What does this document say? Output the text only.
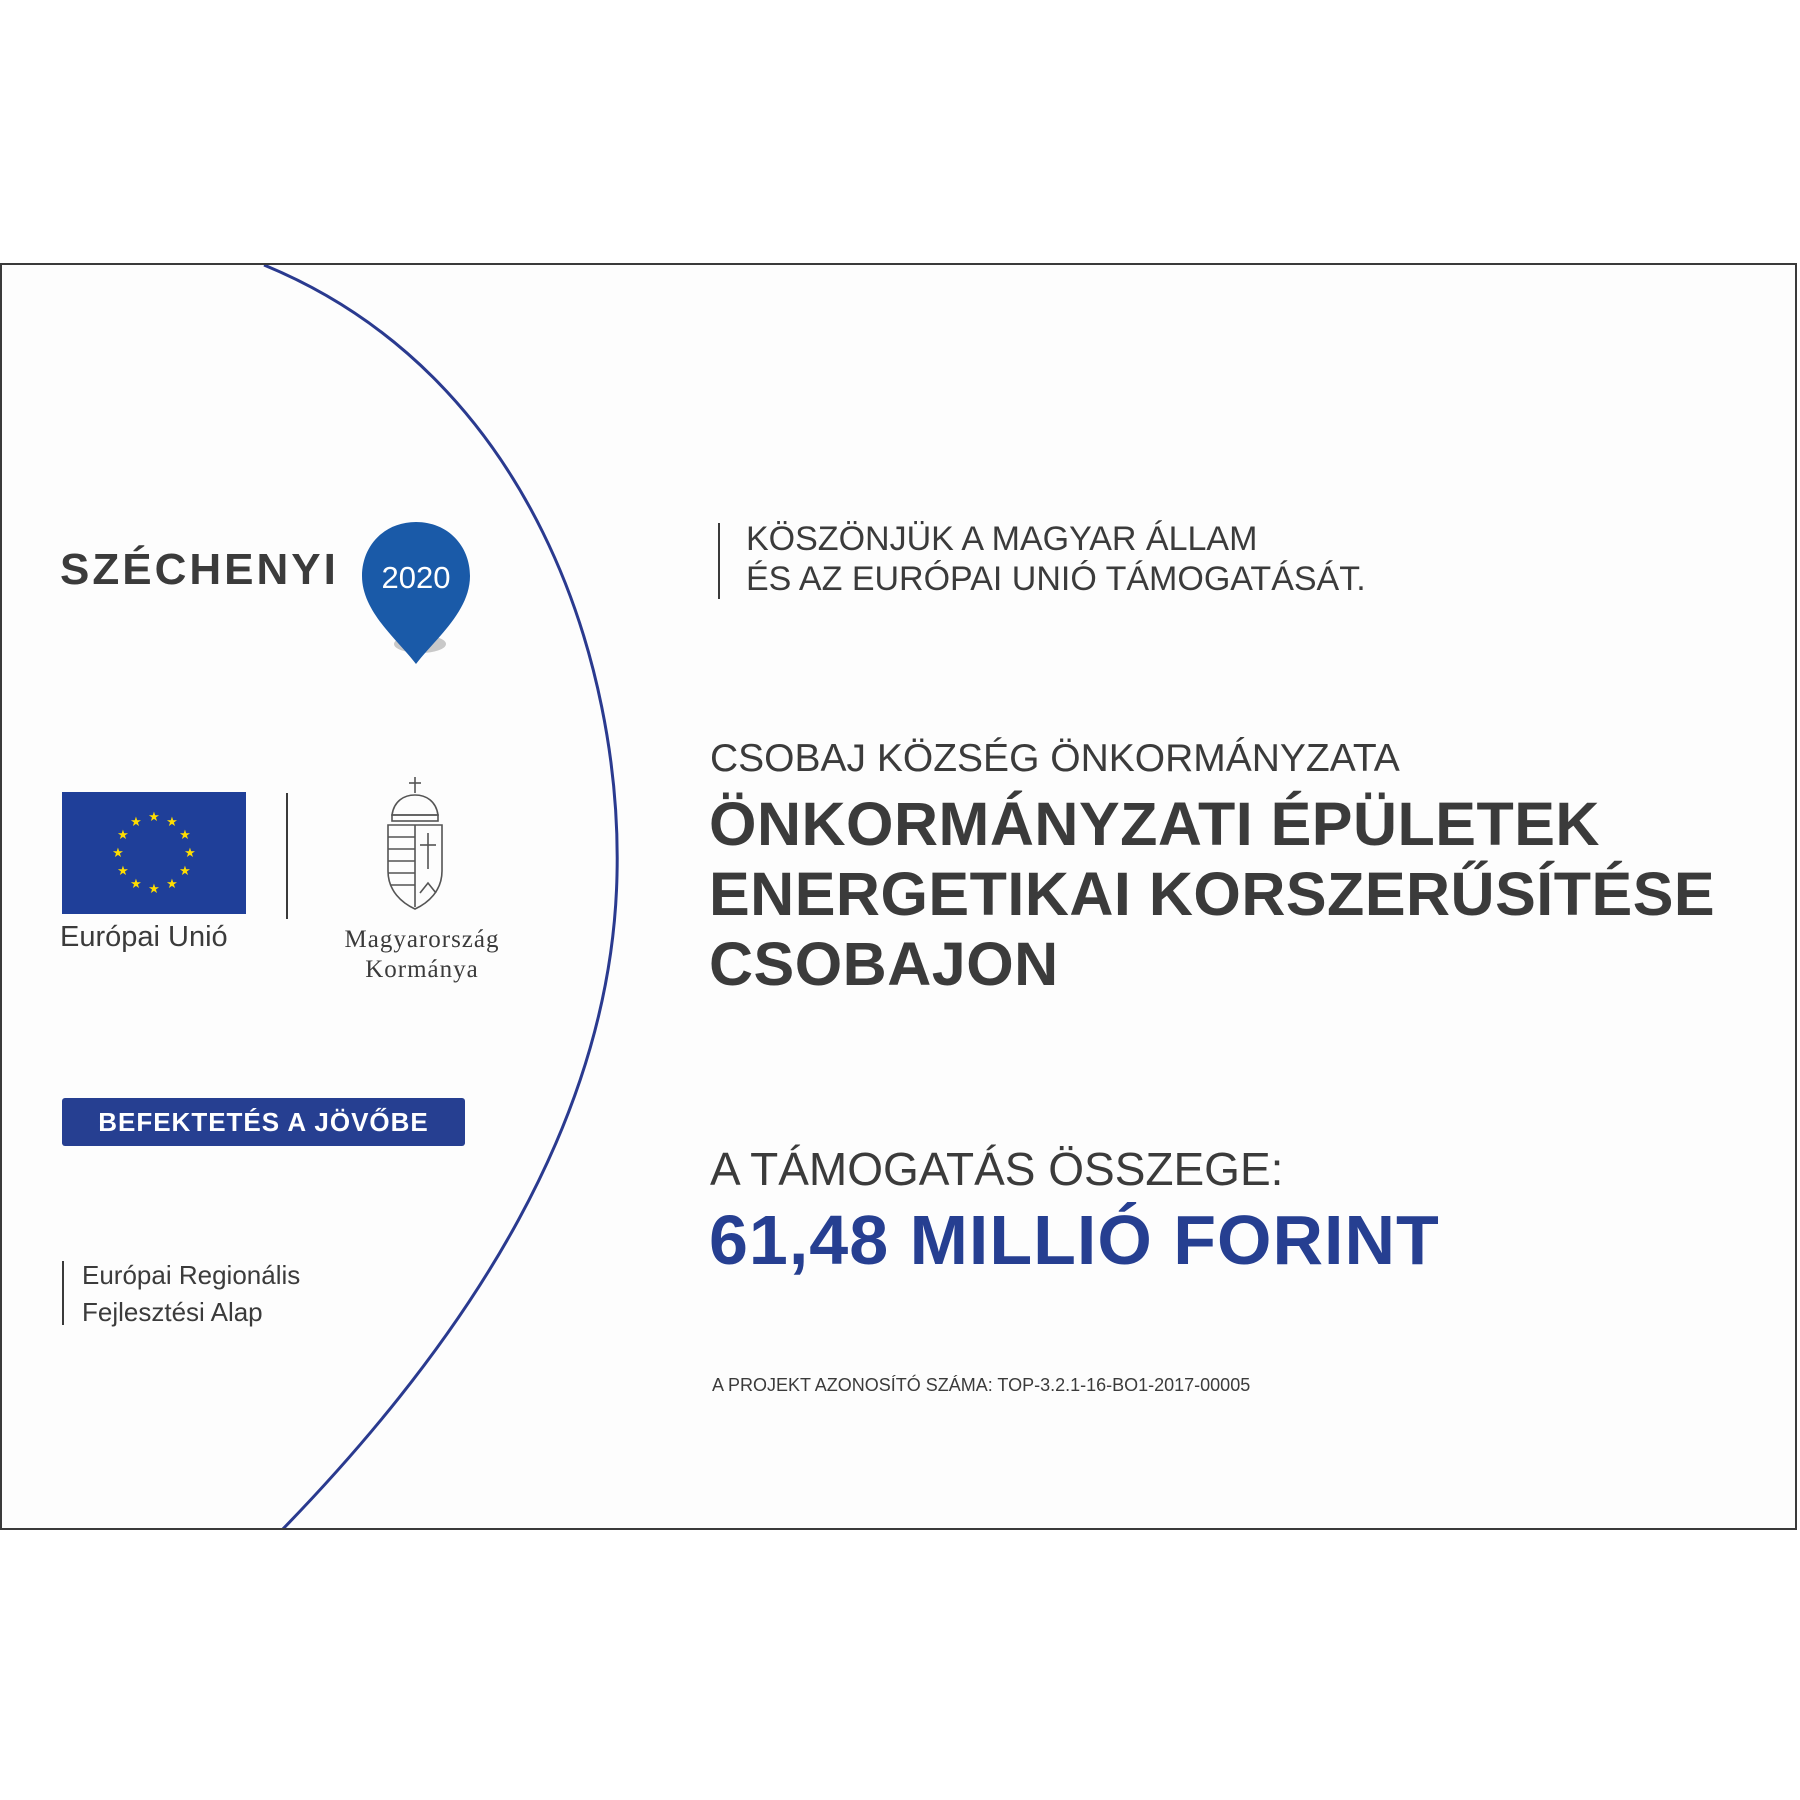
SZÉCHENYI 2020
★ ★
★
★
★
★
★
★
★
★
★
★
Európai Unió	Magyarország
Kormánya
BEFEKTETÉS A JÖVŐBE
Európai Regionális
Fejlesztési Alap
KÖSZÖNJÜK A MAGYAR ÁLLAM
ÉS AZ EURÓPAI UNIÓ TÁMOGATÁSÁT.
CSOBAJ KÖZSÉG ÖNKORMÁNYZATA
ÖNKORMÁNYZATI ÉPÜLETEK
ENERGETIKAI KORSZERŰSÍTÉSE
CSOBAJON
A TÁMOGATÁS ÖSSZEGE:
61,48 MILLIÓ FORINT
A PROJEKT AZONOSÍTÓ SZÁMA: TOP-3.2.1-16-BO1-2017-00005
